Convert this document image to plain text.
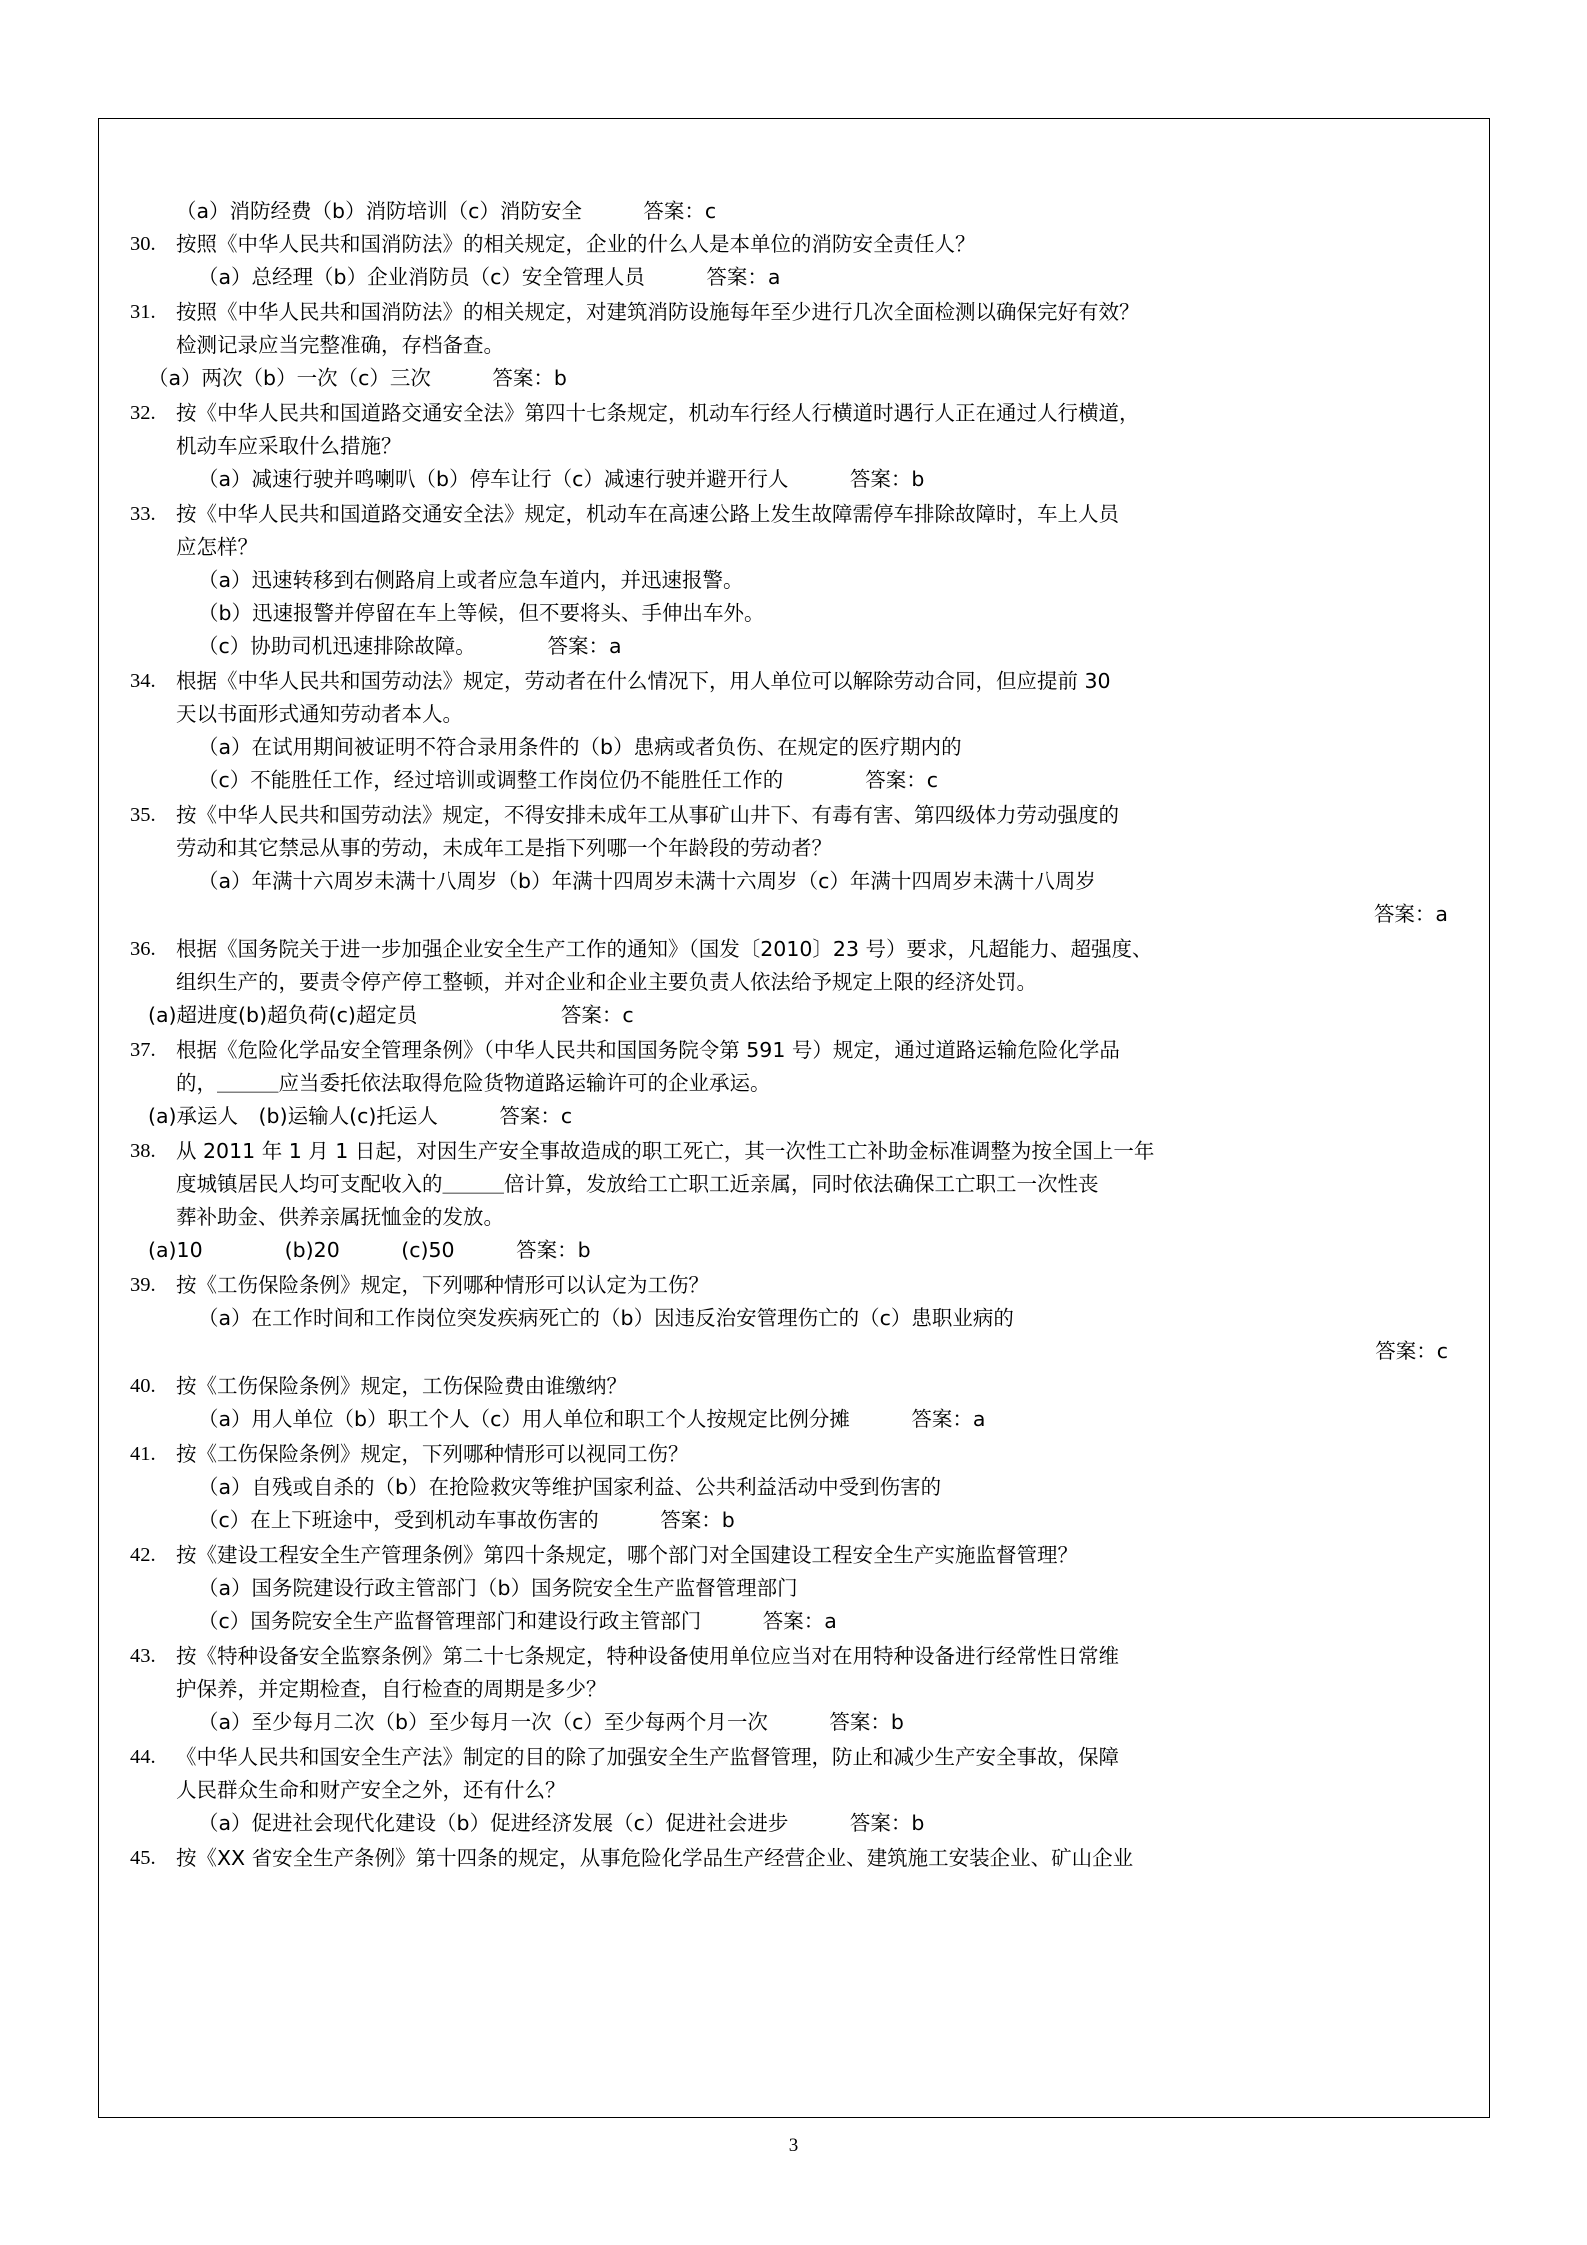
（a）消防经费（b）消防培训（c）消防安全　　　答案：c
30. 按照《中华人民共和国消防法》的相关规定，企业的什么人是本单位的消防安全责任人？
（a）总经理（b）企业消防员（c）安全管理人员　　　答案：a
31. 按照《中华人民共和国消防法》的相关规定，对建筑消防设施每年至少进行几次全面检测以确保完好有效？
检测记录应当完整准确，存档备查。
（a）两次（b）一次（c）三次　　　答案：b
32. 按《中华人民共和国道路交通安全法》第四十七条规定，机动车行经人行横道时遇行人正在通过人行横道，
机动车应采取什么措施？
（a）减速行驶并鸣喇叭（b）停车让行（c）减速行驶并避开行人　　　答案：b
33. 按《中华人民共和国道路交通安全法》规定，机动车在高速公路上发生故障需停车排除故障时，车上人员
应怎样？
（a）迅速转移到右侧路肩上或者应急车道内，并迅速报警。
（b）迅速报警并停留在车上等候，但不要将头、手伸出车外。
（c）协助司机迅速排除故障。　　　　答案：a
34. 根据《中华人民共和国劳动法》规定，劳动者在什么情况下，用人单位可以解除劳动合同，但应提前 30
天以书面形式通知劳动者本人。
（a）在试用期间被证明不符合录用条件的（b）患病或者负伤、在规定的医疗期内的
（c）不能胜任工作，经过培训或调整工作岗位仍不能胜任工作的　　　　答案：c
35. 按《中华人民共和国劳动法》规定，不得安排未成年工从事矿山井下、有毒有害、第四级体力劳动强度的
劳动和其它禁忌从事的劳动，未成年工是指下列哪一个年龄段的劳动者？
（a）年满十六周岁未满十八周岁（b）年满十四周岁未满十六周岁（c）年满十四周岁未满十八周岁
答案：a
36. 根据《国务院关于进一步加强企业安全生产工作的通知》（国发〔2010〕23 号）要求，凡超能力、超强度、
组织生产的，要责令停产停工整顿，并对企业和企业主要负责人依法给予规定上限的经济处罚。
(a)超进度(b)超负荷(c)超定员　　　　　　　答案：c
37. 根据《危险化学品安全管理条例》（中华人民共和国国务院令第 591 号）规定，通过道路运输危险化学品
的，＿＿＿应当委托依法取得危险货物道路运输许可的企业承运。
(a)承运人　(b)运输人(c)托运人　　　答案：c
38. 从 2011 年 1 月 1 日起，对因生产安全事故造成的职工死亡，其一次性工亡补助金标准调整为按全国上一年
度城镇居民人均可支配收入的＿＿＿倍计算，发放给工亡职工近亲属，同时依法确保工亡职工一次性丧
葬补助金、供养亲属抚恤金的发放。
(a)10　　　　(b)20　　　(c)50　　　答案：b
39. 按《工伤保险条例》规定，下列哪种情形可以认定为工伤？
（a）在工作时间和工作岗位突发疾病死亡的（b）因违反治安管理伤亡的（c）患职业病的
答案：c
40. 按《工伤保险条例》规定，工伤保险费由谁缴纳？
（a）用人单位（b）职工个人（c）用人单位和职工个人按规定比例分摊　　　答案：a
41. 按《工伤保险条例》规定，下列哪种情形可以视同工伤？
（a）自残或自杀的（b）在抢险救灾等维护国家利益、公共利益活动中受到伤害的
（c）在上下班途中，受到机动车事故伤害的　　　答案：b
42. 按《建设工程安全生产管理条例》第四十条规定，哪个部门对全国建设工程安全生产实施监督管理？
（a）国务院建设行政主管部门（b）国务院安全生产监督管理部门
（c）国务院安全生产监督管理部门和建设行政主管部门　　　答案：a
43. 按《特种设备安全监察条例》第二十七条规定，特种设备使用单位应当对在用特种设备进行经常性日常维
护保养，并定期检查，自行检查的周期是多少？
（a）至少每月二次（b）至少每月一次（c）至少每两个月一次　　　答案：b
44. 《中华人民共和国安全生产法》制定的目的除了加强安全生产监督管理，防止和减少生产安全事故，保障
人民群众生命和财产安全之外，还有什么？
（a）促进社会现代化建设（b）促进经济发展（c）促进社会进步　　　答案：b
45. 按《XX 省安全生产条例》第十四条的规定，从事危险化学品生产经营企业、建筑施工安装企业、矿山企业
3
